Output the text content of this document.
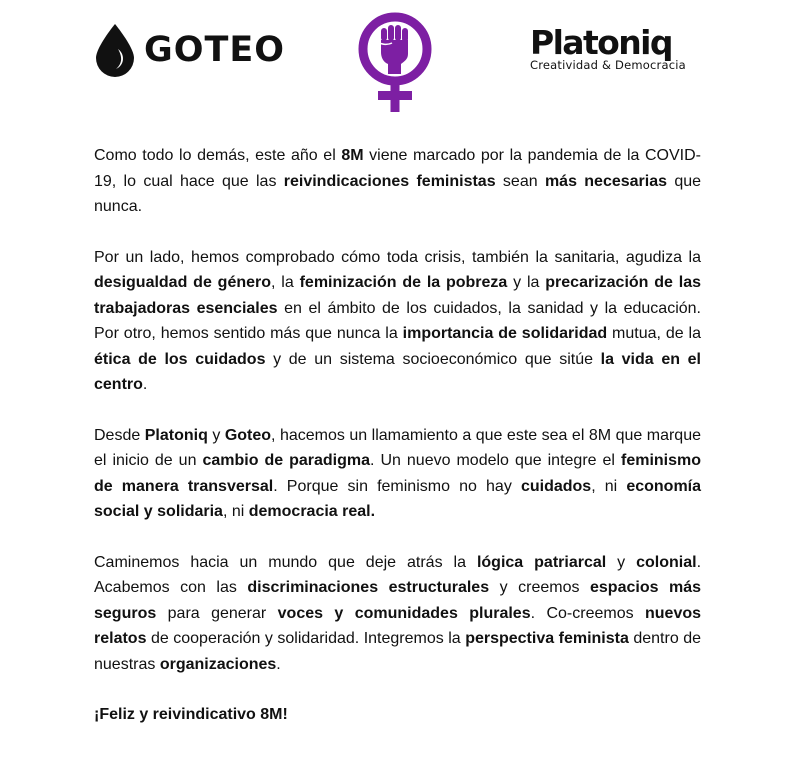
GOTEO	Platoniq
Creatividad & Democracia

Como todo lo demás, este año el 8M viene marcado por la pandemia de la COVID-19, lo cual hace que las reivindicaciones feministas sean más necesarias que nunca.

Por un lado, hemos comprobado cómo toda crisis, también la sanitaria, agudiza la desigualdad de género, la feminización de la pobreza y la precarización de las trabajadoras esenciales en el ámbito de los cuidados, la sanidad y la educación. Por otro, hemos sentido más que nunca la importancia de solidaridad mutua, de la ética de los cuidados y de un sistema socioeconómico que sitúe la vida en el centro.

Desde Platoniq y Goteo, hacemos un llamamiento a que este sea el 8M que marque el inicio de un cambio de paradigma. Un nuevo modelo que integre el feminismo de manera transversal. Porque sin feminismo no hay cuidados, ni economía social y solidaria, ni democracia real.

Caminemos hacia un mundo que deje atrás la lógica patriarcal y colonial. Acabemos con las discriminaciones estructurales y creemos espacios más seguros para generar voces y comunidades plurales. Co-creemos nuevos relatos de cooperación y solidaridad. Integremos la perspectiva feminista dentro de nuestras organizaciones.

¡Feliz y reivindicativo 8M!
